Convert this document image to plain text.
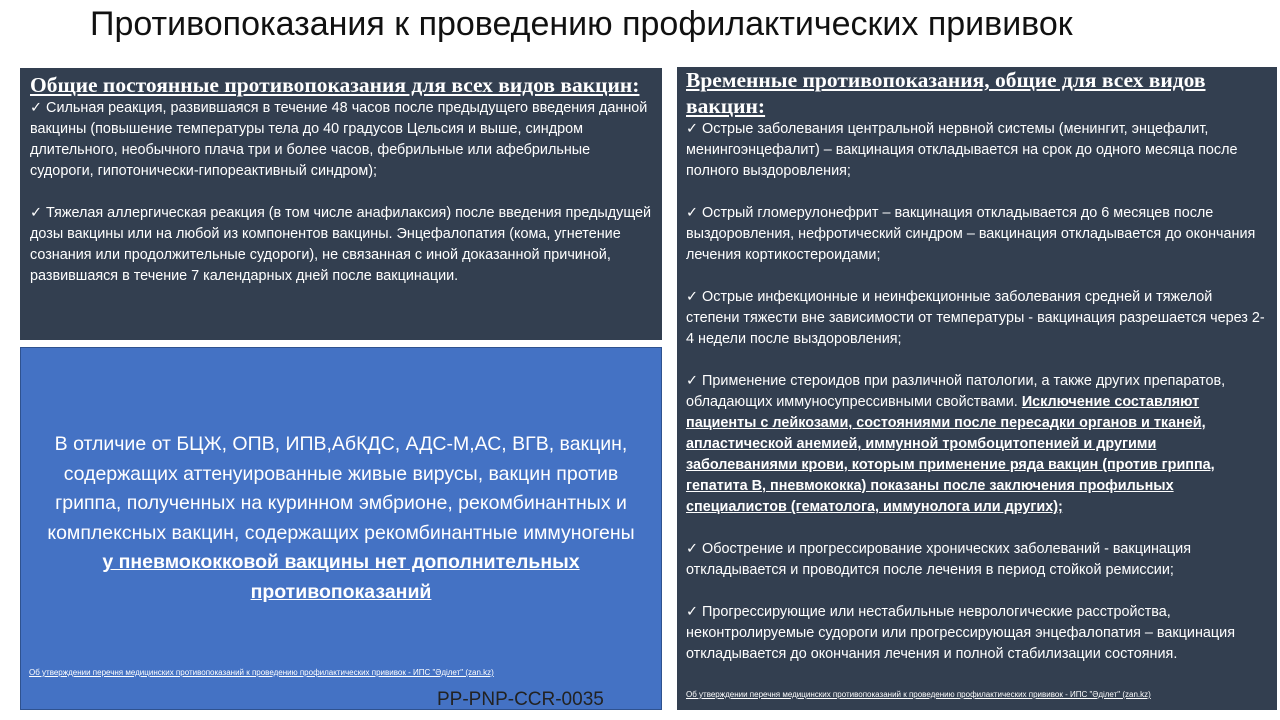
Противопоказания к проведению профилактических прививок

Общие постоянные противопоказания для всех видов вакцин:

✓ Сильная реакция, развившаяся в течение 48 часов после предыдущего введения данной вакцины (повышение температуры тела до 40 градусов Цельсия и выше, синдром длительного, необычного плача три и более часов, фебрильные или афебрильные судороги, гипотонически-гипореактивный синдром);

✓ Тяжелая аллергическая реакция (в том числе анафилаксия) после введения предыдущей дозы вакцины или на любой из компонентов вакцины. Энцефалопатия (кома, угнетение сознания или продолжительные судороги), не связанная с иной доказанной причиной, развившаяся в течение 7 календарных дней после вакцинации.

В отличие от БЦЖ, ОПВ, ИПВ,АбКДС, АДС-М,АС, ВГВ, вакцин, содержащих аттенуированные живые вирусы, вакцин против гриппа, полученных на куринном эмбрионе, рекомбинантных и комплексных вакцин, содержащих рекомбинантные иммуногены
у пневмококковой вакцины нет дополнительных противопоказаний
Об утверждении перечня медицинских противопоказаний к проведению профилактических прививок - ИПС "Әділет" (zan.kz)

Временные противопоказания, общие для всех видов вакцин:

✓ Острые заболевания центральной нервной системы (менингит, энцефалит, менингоэнцефалит) – вакцинация откладывается на срок до одного месяца после полного выздоровления;

✓ Острый гломерулонефрит – вакцинация откладывается до 6 месяцев после выздоровления, нефротический синдром – вакцинация откладывается до окончания лечения кортикостероидами;

✓ Острые инфекционные и неинфекционные заболевания средней и тяжелой степени тяжести вне зависимости от температуры - вакцинация разрешается через 2-4 недели после выздоровления;

✓ Применение стероидов при различной патологии, а также других препаратов, обладающих иммуносупрессивными свойствами. Исключение составляют пациенты с лейкозами, состояниями после пересадки органов и тканей, апластической анемией, иммунной тромбоцитопенией и другими заболеваниями крови, которым применение ряда вакцин (против гриппа, гепатита В, пневмококка) показаны после заключения профильных специалистов (гематолога, иммунолога или других);

✓ Обострение и прогрессирование хронических заболеваний - вакцинация откладывается и проводится после лечения в период стойкой ремиссии;

✓ Прогрессирующие или нестабильные неврологические расстройства, неконтролируемые судороги или прогрессирующая энцефалопатия – вакцинация откладывается до окончания лечения и полной стабилизации состояния.

Об утверждении перечня медицинских противопоказаний к проведению профилактических прививок - ИПС "Әділет" (zan.kz)
PP-PNP-CCR-0035
